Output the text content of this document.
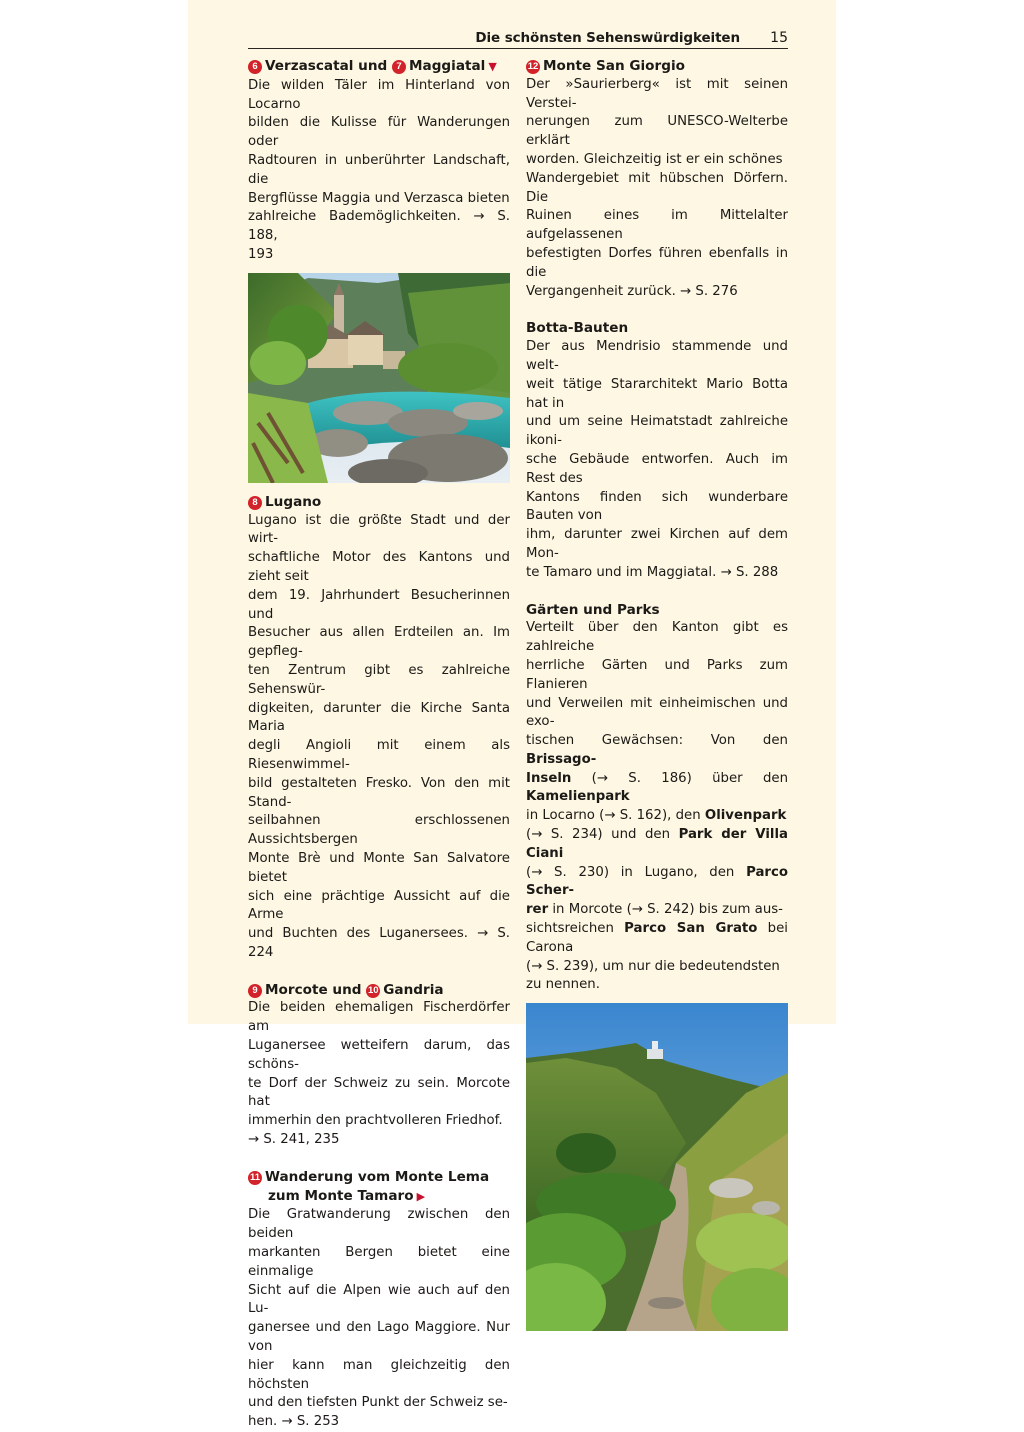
Die schönsten Sehenswürdigkeiten 15
6 Verzascatal und 7 Maggiatal ▼
Die wilden Täler im Hinterland von Locarno
bilden die Kulisse für Wanderungen oder
Radtouren in unberührter Landschaft, die
Bergflüsse Maggia und Verzasca bieten
zahlreiche Bademöglichkeiten. → S. 188,
193
8 Lugano
Lugano ist die größte Stadt und der wirt-
schaftliche Motor des Kantons und zieht seit
dem 19. Jahrhundert Besucherinnen und
Besucher aus allen Erdteilen an. Im gepfleg-
ten Zentrum gibt es zahlreiche Sehenswür-
digkeiten, darunter die Kirche Santa Maria
degli Angioli mit einem als Riesenwimmel-
bild gestalteten Fresko. Von den mit Stand-
seilbahnen erschlossenen Aussichtsbergen
Monte Brè und Monte San Salvatore bietet
sich eine prächtige Aussicht auf die Arme
und Buchten des Luganersees. → S. 224
9 Morcote und 10 Gandria
Die beiden ehemaligen Fischerdörfer am
Luganersee wetteifern darum, das schöns-
te Dorf der Schweiz zu sein. Morcote hat
immerhin den prachtvolleren Friedhof.
→ S. 241, 235
11 Wanderung vom Monte Lema
zum Monte Tamaro ▶
Die Gratwanderung zwischen den beiden
markanten Bergen bietet eine einmalige
Sicht auf die Alpen wie auch auf den Lu-
ganersee und den Lago Maggiore. Nur von
hier kann man gleichzeitig den höchsten
und den tiefsten Punkt der Schweiz se-
hen. → S. 253
12 Monte San Giorgio
Der »Saurierberg« ist mit seinen Verstei-
nerungen zum UNESCO-Welterbe erklärt
worden. Gleichzeitig ist er ein schönes
Wandergebiet mit hübschen Dörfern. Die
Ruinen eines im Mittelalter aufgelassenen
befestigten Dorfes führen ebenfalls in die
Vergangenheit zurück. → S. 276
Botta-Bauten
Der aus Mendrisio stammende und welt-
weit tätige Stararchitekt Mario Botta hat in
und um seine Heimatstadt zahlreiche ikoni-
sche Gebäude entworfen. Auch im Rest des
Kantons finden sich wunderbare Bauten von
ihm, darunter zwei Kirchen auf dem Mon-
te Tamaro und im Maggiatal. → S. 288
Gärten und Parks
Verteilt über den Kanton gibt es zahlreiche
herrliche Gärten und Parks zum Flanieren
und Verweilen mit einheimischen und exo-
tischen Gewächsen: Von den Brissago-
Inseln (→ S. 186) über den Kamelienpark
in Locarno (→ S. 162), den Olivenpark
(→ S. 234) und den Park der Villa Ciani
(→ S. 230) in Lugano, den Parco Scher-
rer in Morcote (→ S. 242) bis zum aus-
sichtsreichen Parco San Grato bei Carona
(→ S. 239), um nur die bedeutendsten
zu nennen.
